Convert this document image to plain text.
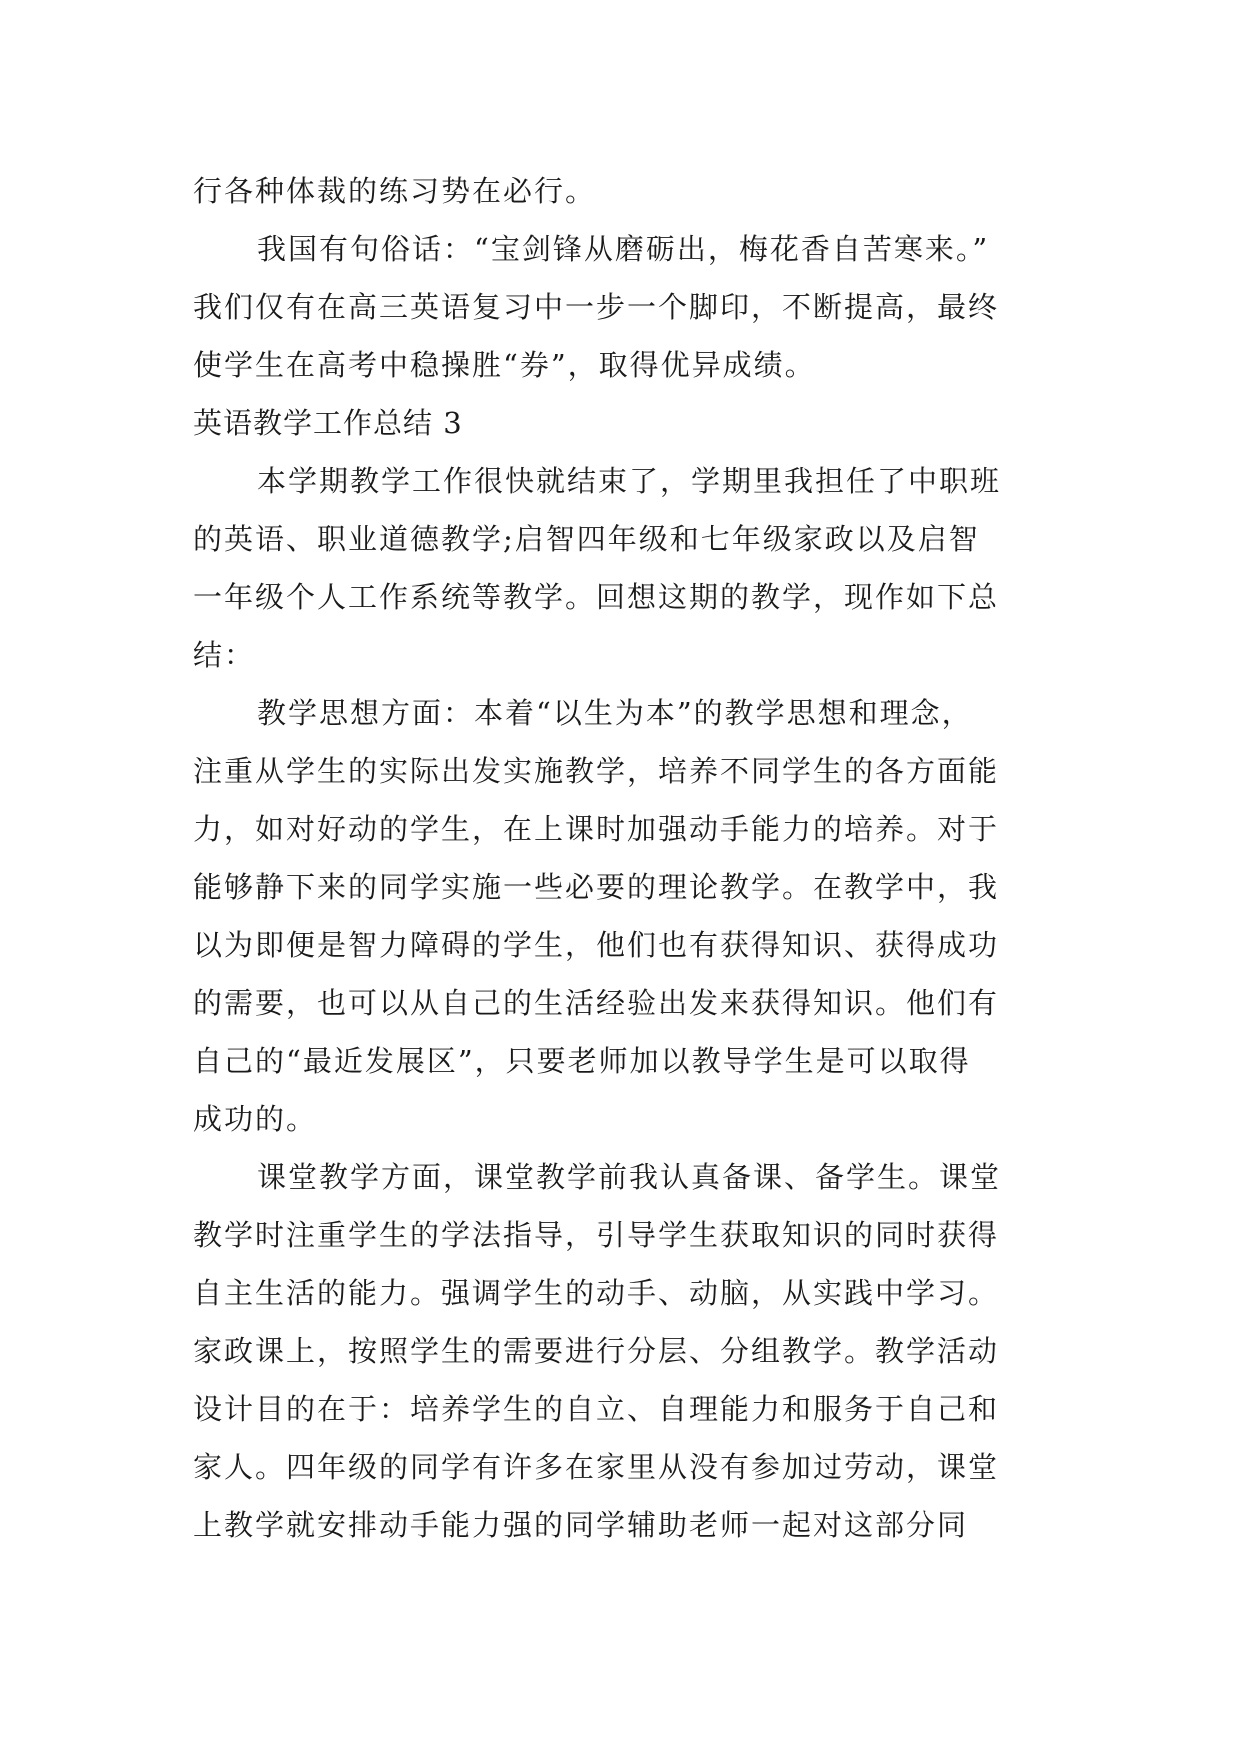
行各种体裁的练习势在必行。
我国有句俗话：“宝剑锋从磨砺出，梅花香自苦寒来。”
我们仅有在高三英语复习中一步一个脚印，不断提高，最终
使学生在高考中稳操胜“券”，取得优异成绩。
英语教学工作总结 3
本学期教学工作很快就结束了，学期里我担任了中职班
的英语、职业道德教学;启智四年级和七年级家政以及启智
一年级个人工作系统等教学。回想这期的教学，现作如下总
结：
教学思想方面：本着“以生为本”的教学思想和理念，
注重从学生的实际出发实施教学，培养不同学生的各方面能
力，如对好动的学生，在上课时加强动手能力的培养。对于
能够静下来的同学实施一些必要的理论教学。在教学中，我
以为即便是智力障碍的学生，他们也有获得知识、获得成功
的需要，也可以从自己的生活经验出发来获得知识。他们有
自己的“最近发展区”，只要老师加以教导学生是可以取得
成功的。
课堂教学方面，课堂教学前我认真备课、备学生。课堂
教学时注重学生的学法指导，引导学生获取知识的同时获得
自主生活的能力。强调学生的动手、动脑，从实践中学习。
家政课上，按照学生的需要进行分层、分组教学。教学活动
设计目的在于：培养学生的自立、自理能力和服务于自己和
家人。四年级的同学有许多在家里从没有参加过劳动，课堂
上教学就安排动手能力强的同学辅助老师一起对这部分同
